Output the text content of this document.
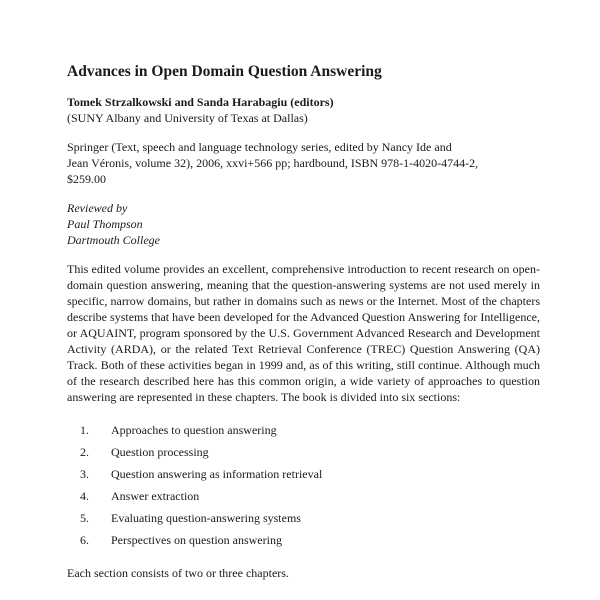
Advances in Open Domain Question Answering

Tomek Strzalkowski and Sanda Harabagiu (editors)

(SUNY Albany and University of Texas at Dallas)

Springer (Text, speech and language technology series, edited by Nancy Ide and
Jean Véronis, volume 32), 2006, xxvi+566 pp; hardbound, ISBN 978-1-4020-4744-2,
$259.00

Reviewed by
Paul Thompson
Dartmouth College

This edited volume provides an excellent, comprehensive introduction to recent research on open-domain question answering, meaning that the question-answering systems are not used merely in specific, narrow domains, but rather in domains such as news or the Internet. Most of the chapters describe systems that have been developed for the Advanced Question Answering for Intelligence, or AQUAINT, program sponsored by the U.S. Government Advanced Research and Development Activity (ARDA), or the related Text Retrieval Conference (TREC) Question Answering (QA) Track. Both of these activities began in 1999 and, as of this writing, still continue. Although much of the research described here has this common origin, a wide variety of approaches to question answering are represented in these chapters. The book is divided into six sections:

1.	Approaches to question answering
2.	Question processing
3.	Question answering as information retrieval
4.	Answer extraction
5.	Evaluating question-answering systems
6.	Perspectives on question answering

Each section consists of two or three chapters.
